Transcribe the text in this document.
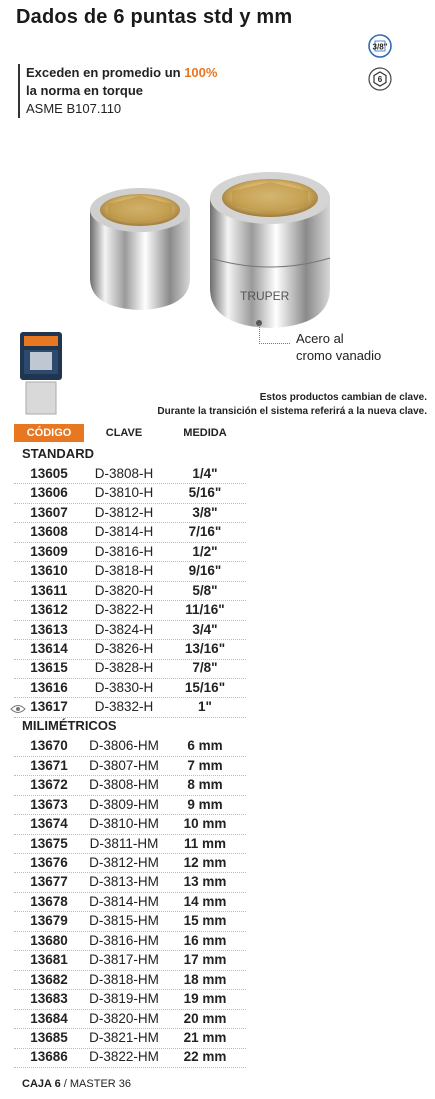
Dados de 6 puntas std y mm
3/8"
6
Exceden en promedio un 100%
la norma en torque
ASME B107.110
TRUPER
Acero al
cromo vanadio
Estos productos cambian de clave.
Durante la transición el sistema referirá a la nueva clave.
CÓDIGO	CLAVE	MEDIDA
STANDARD
13605	D-3808-H	1/4"
13606	D-3810-H	5/16"
13607	D-3812-H	3/8"
13608	D-3814-H	7/16"
13609	D-3816-H	1/2"
13610	D-3818-H	9/16"
13611	D-3820-H	5/8"
13612	D-3822-H	11/16"
13613	D-3824-H	3/4"
13614	D-3826-H	13/16"
13615	D-3828-H	7/8"
13616	D-3830-H	15/16"
13617	D-3832-H	1"
MILIMÉTRICOS
13670	D-3806-HM	6 mm
13671	D-3807-HM	7 mm
13672	D-3808-HM	8 mm
13673	D-3809-HM	9 mm
13674	D-3810-HM	10 mm
13675	D-3811-HM	11 mm
13676	D-3812-HM	12 mm
13677	D-3813-HM	13 mm
13678	D-3814-HM	14 mm
13679	D-3815-HM	15 mm
13680	D-3816-HM	16 mm
13681	D-3817-HM	17 mm
13682	D-3818-HM	18 mm
13683	D-3819-HM	19 mm
13684	D-3820-HM	20 mm
13685	D-3821-HM	21 mm
13686	D-3822-HM	22 mm
CAJA 6 / MASTER 36
